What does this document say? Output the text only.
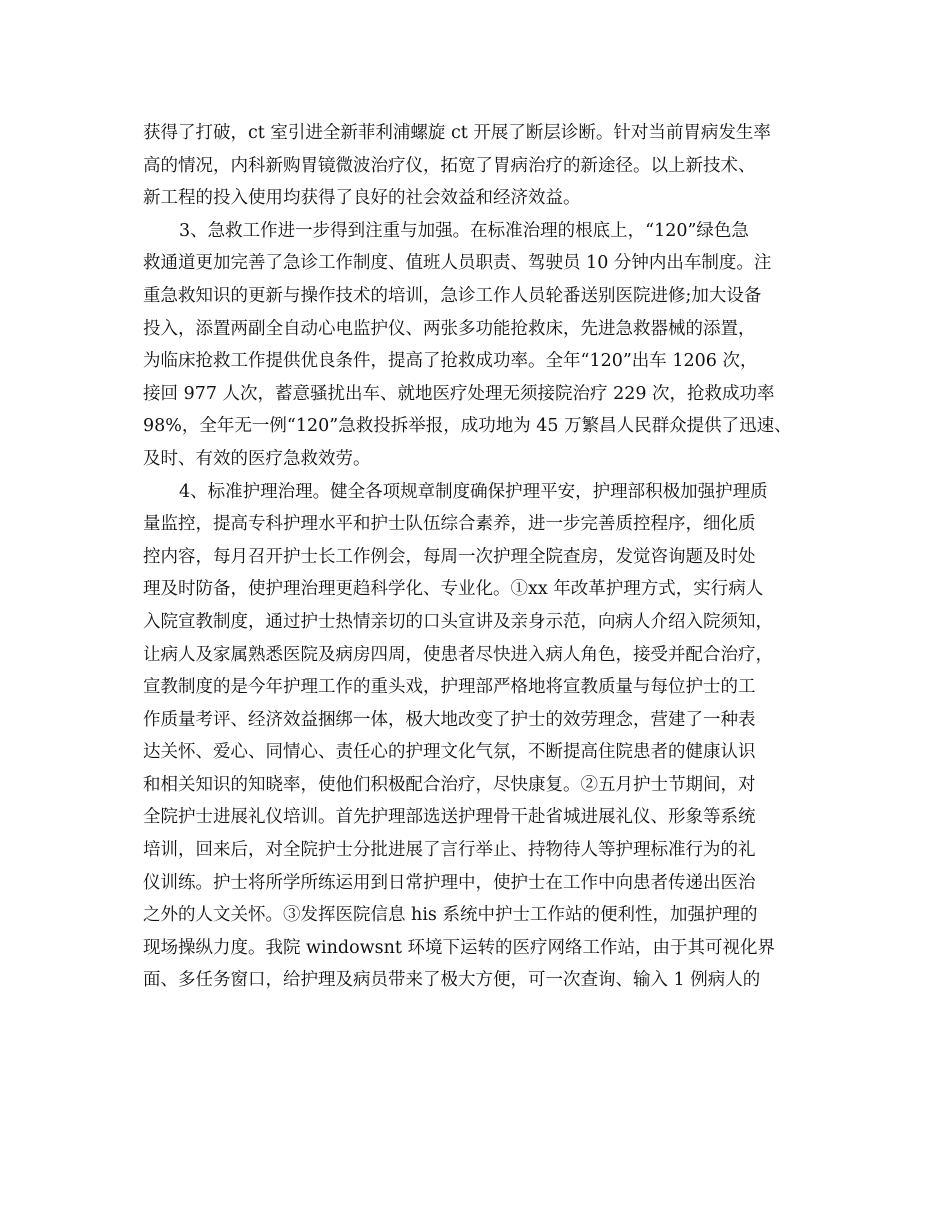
获得了打破，ct 室引进全新菲利浦螺旋 ct 开展了断层诊断。针对当前胃病发生率
高的情况，内科新购胃镜微波治疗仪，拓宽了胃病治疗的新途径。以上新技术、
新工程的投入使用均获得了良好的社会效益和经济效益。
3、急救工作进一步得到注重与加强。在标准治理的根底上，“120”绿色急
救通道更加完善了急诊工作制度、值班人员职责、驾驶员 10 分钟内出车制度。注
重急救知识的更新与操作技术的培训，急诊工作人员轮番送别医院进修;加大设备
投入，添置两副全自动心电监护仪、两张多功能抢救床，先进急救器械的添置，
为临床抢救工作提供优良条件，提高了抢救成功率。全年“120”出车 1206 次，
接回 977 人次，蓄意骚扰出车、就地医疗处理无须接院治疗 229 次，抢救成功率
98%，全年无一例“120”急救投拆举报，成功地为 45 万繁昌人民群众提供了迅速、
及时、有效的医疗急救效劳。
4、标准护理治理。健全各项规章制度确保护理平安，护理部积极加强护理质
量监控，提高专科护理水平和护士队伍综合素养，进一步完善质控程序，细化质
控内容，每月召开护士长工作例会，每周一次护理全院查房，发觉咨询题及时处
理及时防备，使护理治理更趋科学化、专业化。①xx 年改革护理方式，实行病人
入院宣教制度，通过护士热情亲切的口头宣讲及亲身示范，向病人介绍入院须知，
让病人及家属熟悉医院及病房四周，使患者尽快进入病人角色，接受并配合治疗，
宣教制度的是今年护理工作的重头戏，护理部严格地将宣教质量与每位护士的工
作质量考评、经济效益捆绑一体，极大地改变了护士的效劳理念，营建了一种表
达关怀、爱心、同情心、责任心的护理文化气氛，不断提高住院患者的健康认识
和相关知识的知晓率，使他们积极配合治疗，尽快康复。②五月护士节期间，对
全院护士进展礼仪培训。首先护理部选送护理骨干赴省城进展礼仪、形象等系统
培训，回来后，对全院护士分批进展了言行举止、持物待人等护理标准行为的礼
仪训练。护士将所学所练运用到日常护理中，使护士在工作中向患者传递出医治
之外的人文关怀。③发挥医院信息 his 系统中护士工作站的便利性，加强护理的
现场操纵力度。我院 windowsnt 环境下运转的医疗网络工作站，由于其可视化界
面、多任务窗口，给护理及病员带来了极大方便，可一次查询、输入 1 例病人的
